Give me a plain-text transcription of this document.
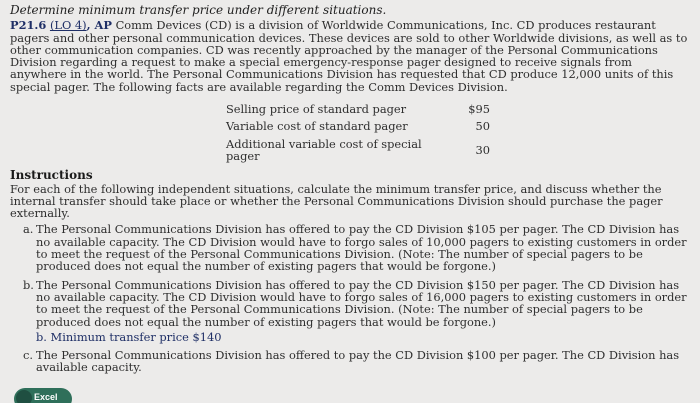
Determine minimum transfer price under different situations.
P21.6 (LO 4), AP Comm Devices (CD) is a division of Worldwide Communications, Inc. CD produces restaurant pagers and other personal communication devices. These devices are sold to other Worldwide divisions, as well as to other communication companies. CD was recently approached by the manager of the Personal Communications Division regarding a request to make a special emergency-response pager designed to receive signals from anywhere in the world. The Personal Communications Division has requested that CD produce 12,000 units of this special pager. The following facts are available regarding the Comm Devices Division.
Selling price of standard pager	$95
Variable cost of standard pager	50
Additional variable cost of special pager	30
Instructions
For each of the following independent situations, calculate the minimum transfer price, and discuss whether the internal transfer should take place or whether the Personal Communications Division should purchase the pager externally.
a. The Personal Communications Division has offered to pay the CD Division $105 per pager. The CD Division has no available capacity. The CD Division would have to forgo sales of 10,000 pagers to existing customers in order to meet the request of the Personal Communications Division. (Note: The number of special pagers to be produced does not equal the number of existing pagers that would be forgone.)
b. The Personal Communications Division has offered to pay the CD Division $150 per pager. The CD Division has no available capacity. The CD Division would have to forgo sales of 16,000 pagers to existing customers in order to meet the request of the Personal Communications Division. (Note: The number of special pagers to be produced does not equal the number of existing pagers that would be forgone.)
b. Minimum transfer price $140
c. The Personal Communications Division has offered to pay the CD Division $100 per pager. The CD Division has available capacity.
Excel
